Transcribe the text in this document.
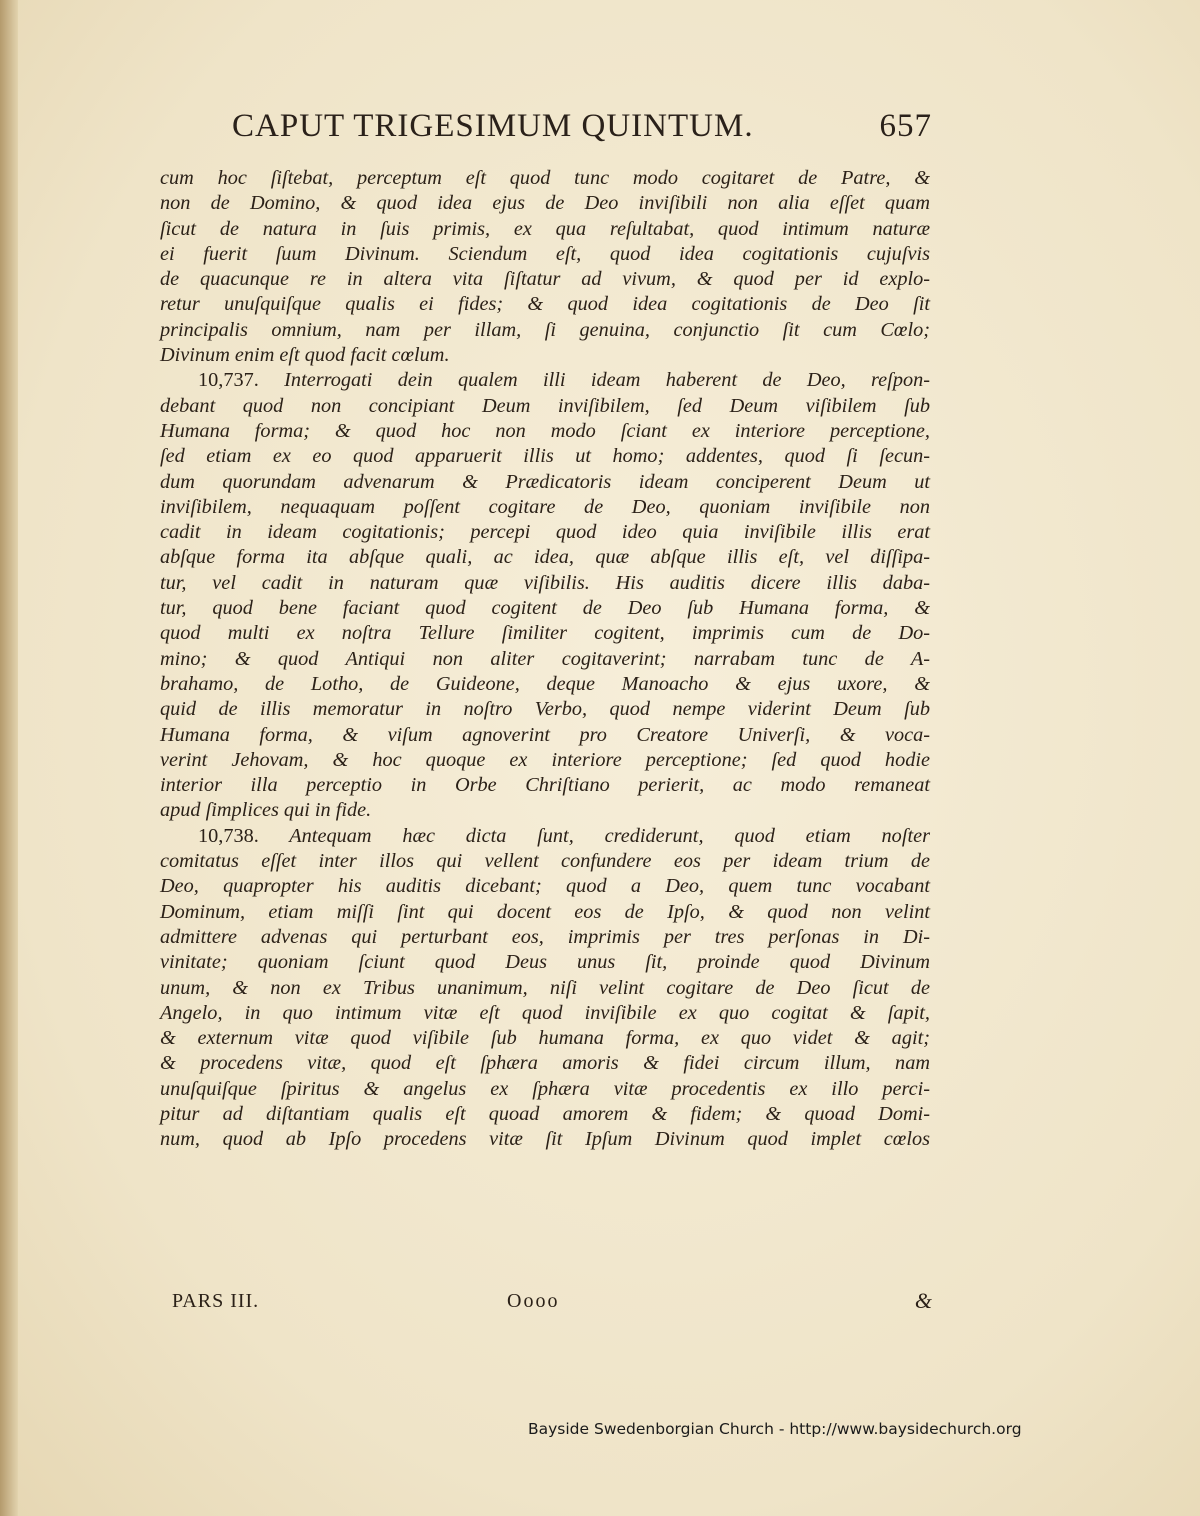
CAPUT TRIGESIMUM QUINTUM.	657
cum hoc ſiſtebat, perceptum eſt quod tunc modo cogitaret de Patre, &
non de Domino, & quod idea ejus de Deo inviſibili non alia eſſet quam
ſicut de natura in ſuis primis, ex qua reſultabat, quod intimum naturæ
ei fuerit ſuum Divinum. Sciendum eſt, quod idea cogitationis cujuſvis
de quacunque re in altera vita ſiſtatur ad vivum, & quod per id explo-
retur unuſquiſque qualis ei fides; & quod idea cogitationis de Deo ſit
principalis omnium, nam per illam, ſi genuina, conjunctio ſit cum Cœlo;
Divinum enim eſt quod facit cœlum.
10,737. Interrogati dein qualem illi ideam haberent de Deo, reſpon-
debant quod non concipiant Deum inviſibilem, ſed Deum viſibilem ſub
Humana forma; & quod hoc non modo ſciant ex interiore perceptione,
ſed etiam ex eo quod apparuerit illis ut homo; addentes, quod ſi ſecun-
dum quorundam advenarum & Prædicatoris ideam conciperent Deum ut
inviſibilem, nequaquam poſſent cogitare de Deo, quoniam inviſibile non
cadit in ideam cogitationis; percepi quod ideo quia inviſibile illis erat
abſque forma ita abſque quali, ac idea, quæ abſque illis eſt, vel diſſipa-
tur, vel cadit in naturam quæ viſibilis. His auditis dicere illis daba-
tur, quod bene faciant quod cogitent de Deo ſub Humana forma, &
quod multi ex noſtra Tellure ſimiliter cogitent, imprimis cum de Do-
mino; & quod Antiqui non aliter cogitaverint; narrabam tunc de A-
brahamo, de Lotho, de Guideone, deque Manoacho & ejus uxore, &
quid de illis memoratur in noſtro Verbo, quod nempe viderint Deum ſub
Humana forma, & viſum agnoverint pro Creatore Univerſi, & voca-
verint Jehovam, & hoc quoque ex interiore perceptione; ſed quod hodie
interior illa perceptio in Orbe Chriſtiano perierit, ac modo remaneat
apud ſimplices qui in fide.
10,738. Antequam hæc dicta ſunt, crediderunt, quod etiam noſter
comitatus eſſet inter illos qui vellent confundere eos per ideam trium de
Deo, quapropter his auditis dicebant; quod a Deo, quem tunc vocabant
Dominum, etiam miſſi ſint qui docent eos de Ipſo, & quod non velint
admittere advenas qui perturbant eos, imprimis per tres perſonas in Di-
vinitate; quoniam ſciunt quod Deus unus ſit, proinde quod Divinum
unum, & non ex Tribus unanimum, niſi velint cogitare de Deo ſicut de
Angelo, in quo intimum vitæ eſt quod inviſibile ex quo cogitat & ſapit,
& externum vitæ quod viſibile ſub humana forma, ex quo videt & agit;
& procedens vitæ, quod eſt ſphæra amoris & fidei circum illum, nam
unuſquiſque ſpiritus & angelus ex ſphæra vitæ procedentis ex illo perci-
pitur ad diſtantiam qualis eſt quoad amorem & fidem; & quoad Domi-
num, quod ab Ipſo procedens vitæ ſit Ipſum Divinum quod implet cœlos
PARS III.	Oooo	&
Bayside Swedenborgian Church - http://www.baysidechurch.org
